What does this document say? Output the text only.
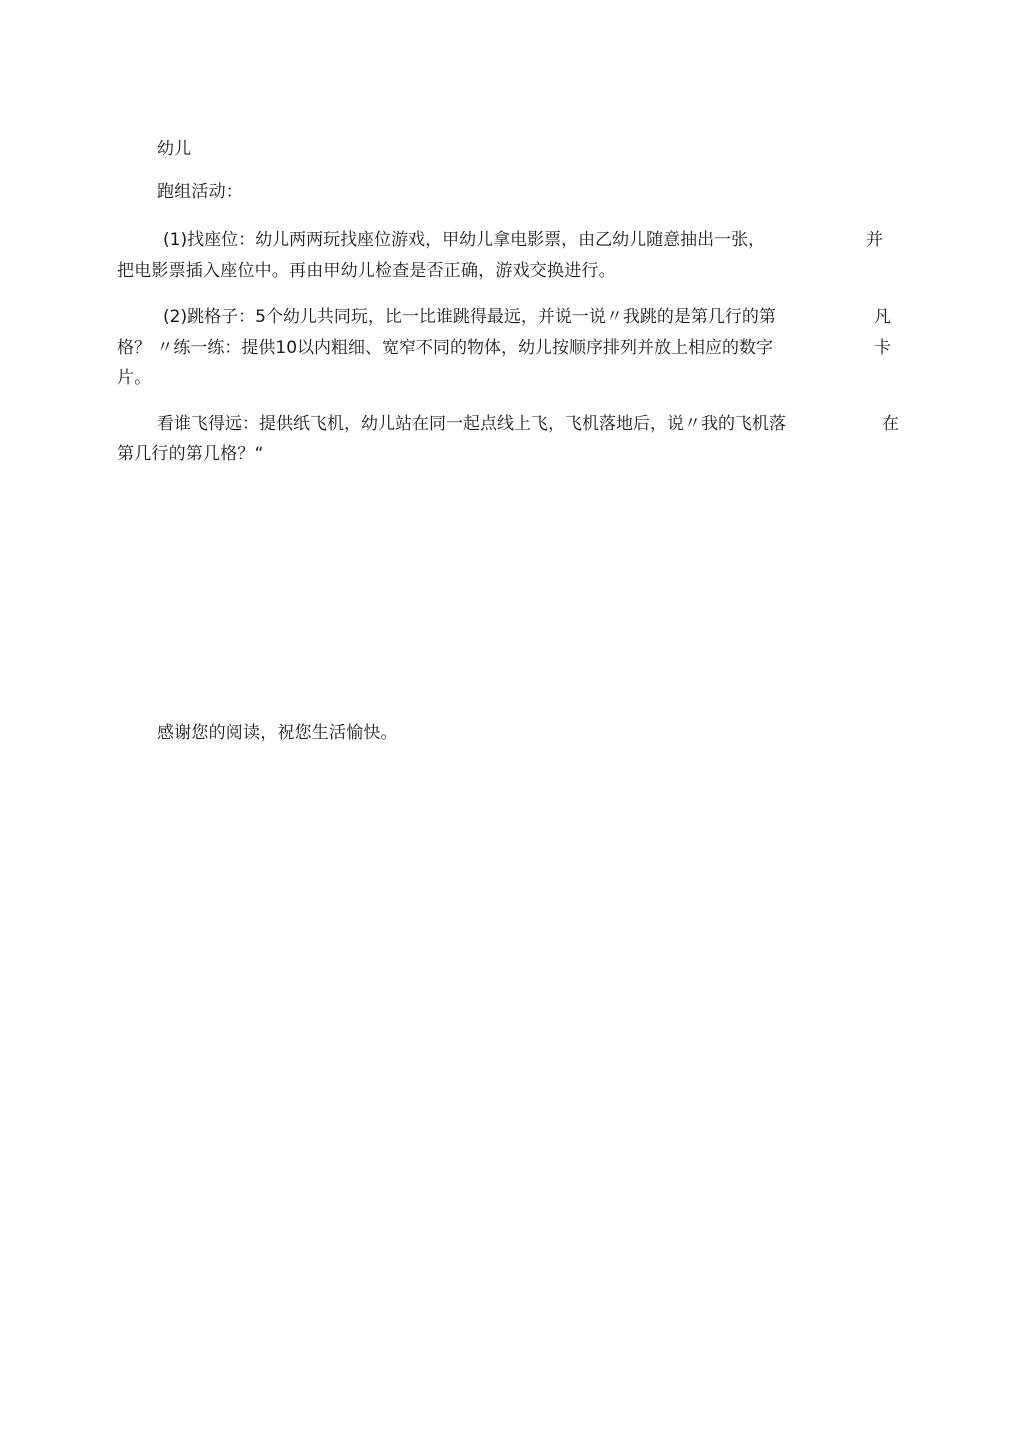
幼儿
跑组活动：
(1)找座位：幼儿两两玩找座位游戏，甲幼儿拿电影票，由乙幼儿随意抽出一张，	并
把电影票插入座位中。再由甲幼儿检查是否正确，游戏交换进行。
(2)跳格子：5个幼儿共同玩，比一比谁跳得最远，并说一说〃我跳的是第几行的第	凡
格？ 〃练一练：提供10以内粗细、宽窄不同的物体，幼儿按顺序排列并放上相应的数字	卡
片。
看谁飞得远：提供纸飞机，幼儿站在同一起点线上飞，飞机落地后，说〃我的飞机落	在
第几行的第几格？“
感谢您的阅读，祝您生活愉快。
